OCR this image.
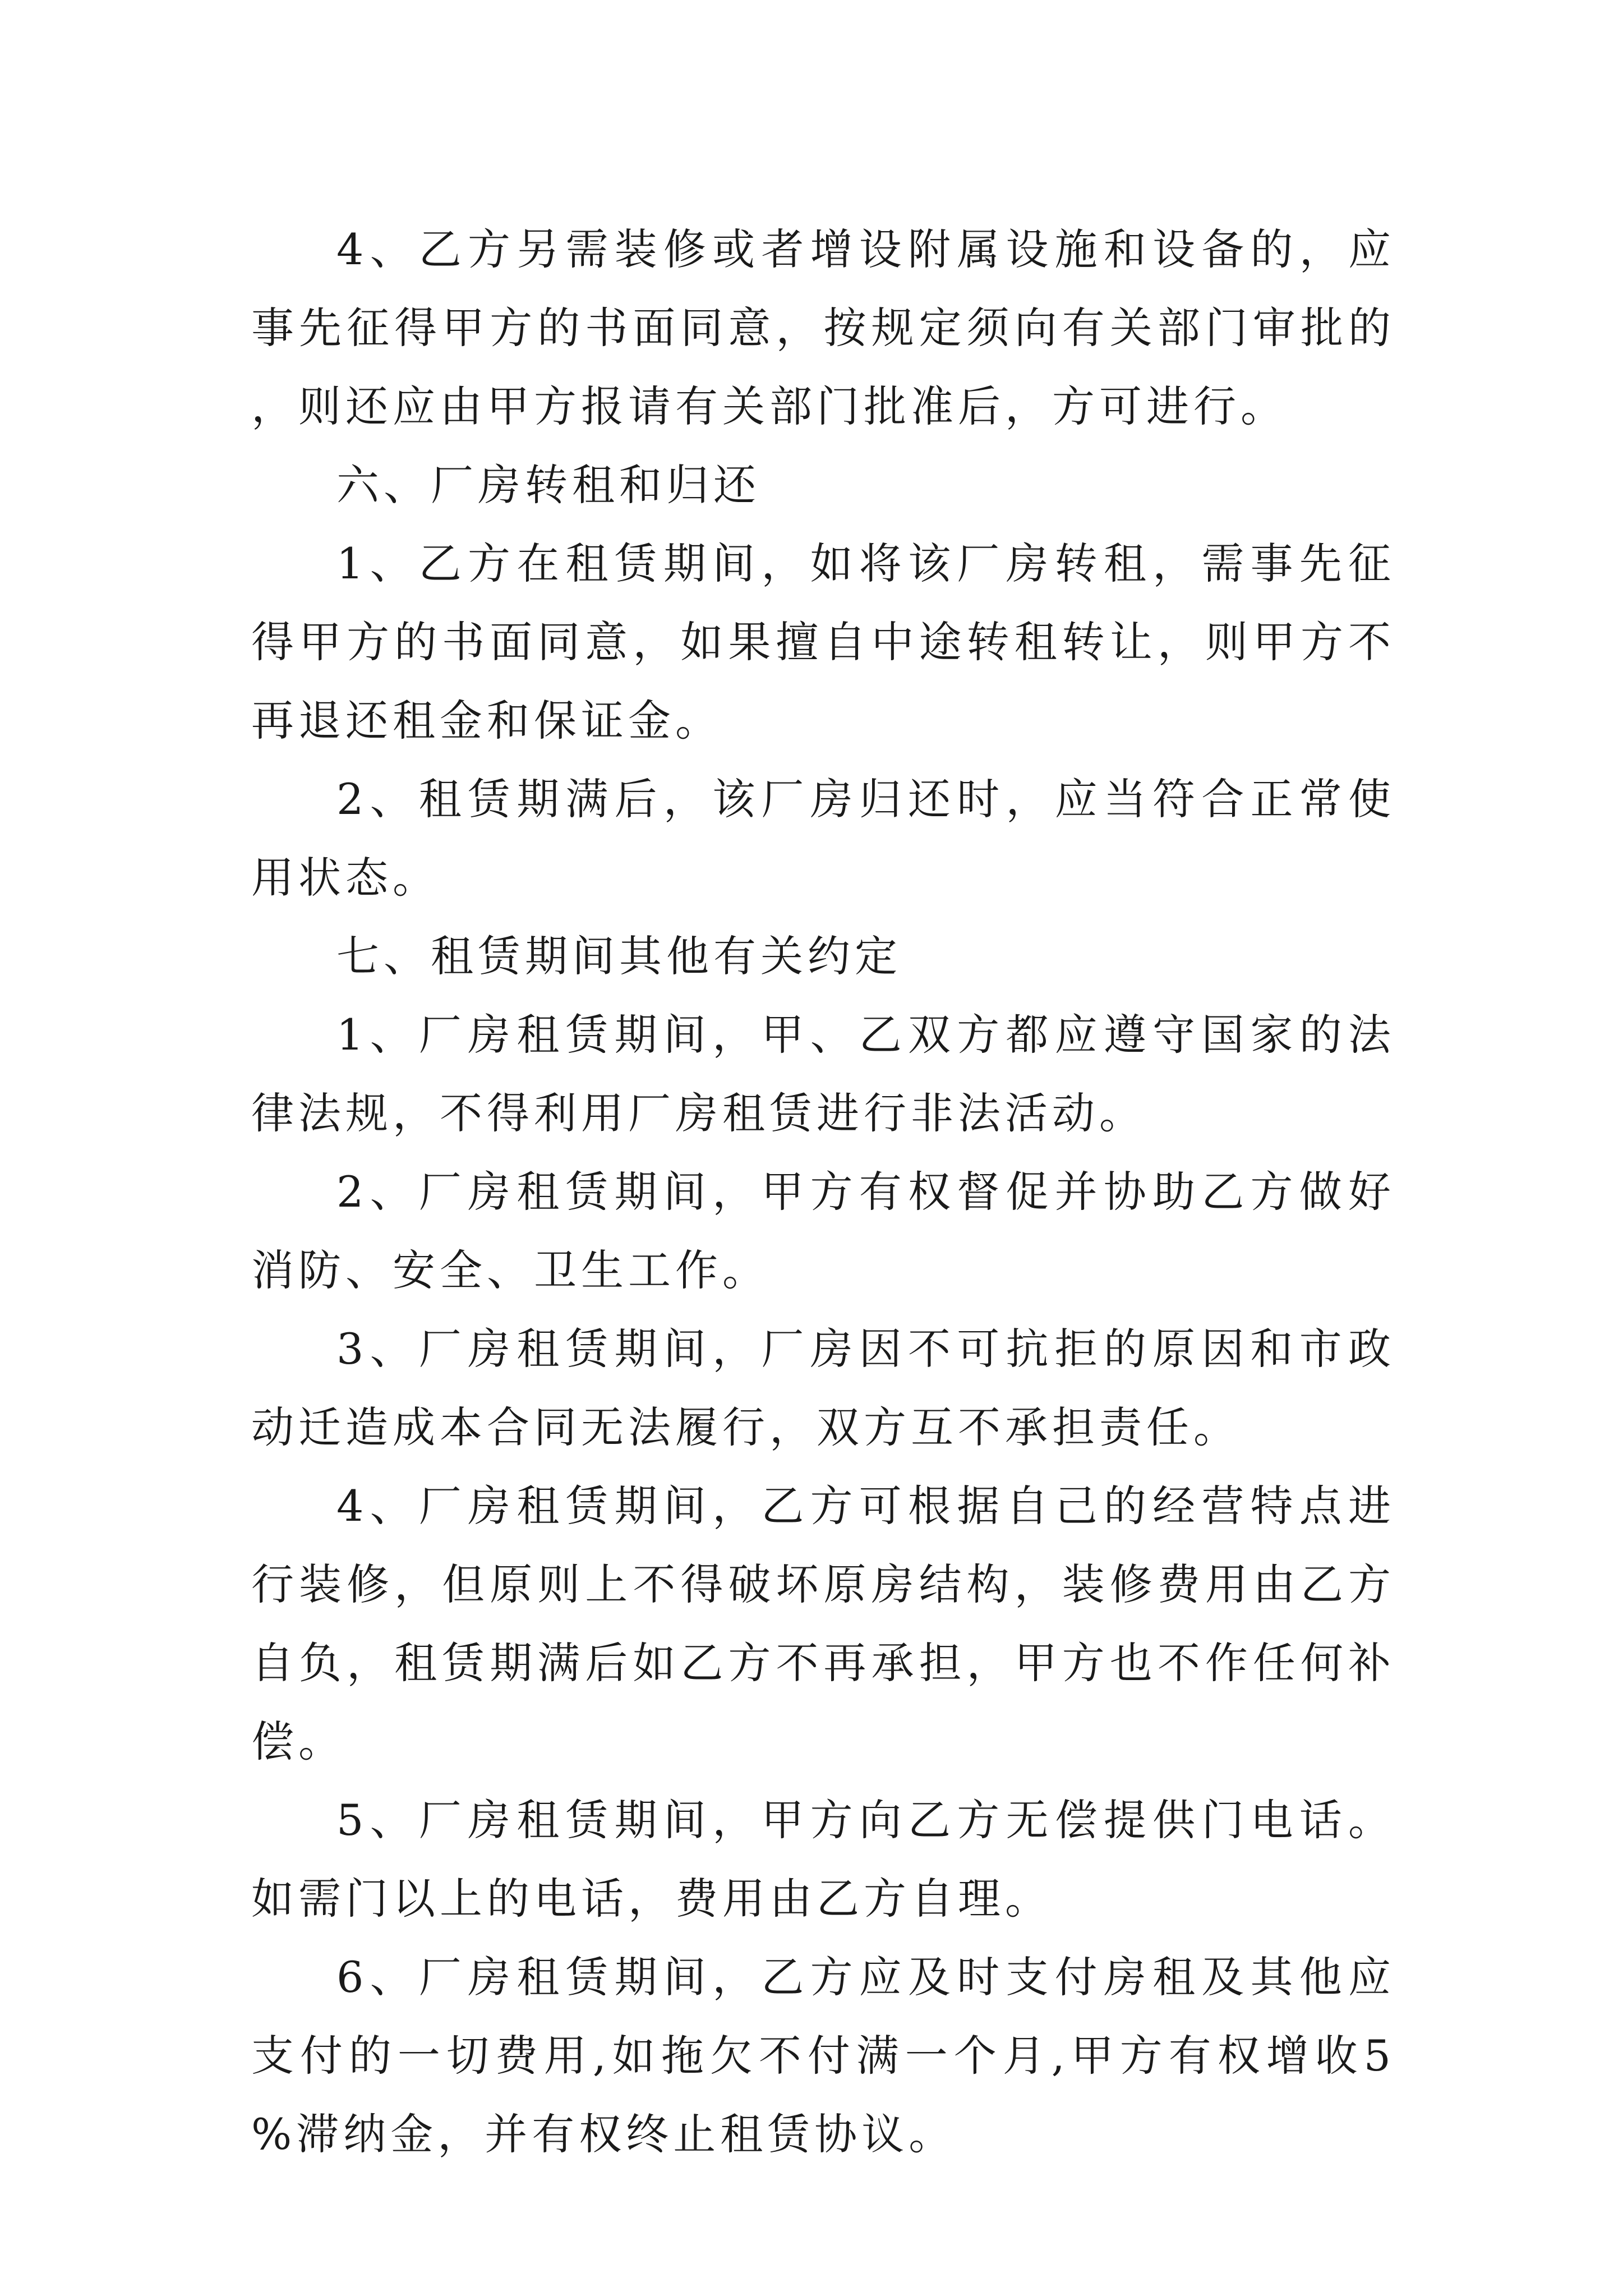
4、乙方另需装修或者增设附属设施和设备的，应事先征得甲方的书面同意，按规定须向有关部门审批的，则还应由甲方报请有关部门批准后，方可进行。

六、厂房转租和归还

1、乙方在租赁期间，如将该厂房转租，需事先征得甲方的书面同意，如果擅自中途转租转让，则甲方不再退还租金和保证金。

2、租赁期满后，该厂房归还时，应当符合正常使用状态。

七、租赁期间其他有关约定

1、厂房租赁期间，甲、乙双方都应遵守国家的法律法规，不得利用厂房租赁进行非法活动。

2、厂房租赁期间，甲方有权督促并协助乙方做好消防、安全、卫生工作。

3、厂房租赁期间，厂房因不可抗拒的原因和市政动迁造成本合同无法履行，双方互不承担责任。

4、厂房租赁期间，乙方可根据自己的经营特点进行装修，但原则上不得破坏原房结构，装修费用由乙方自负，租赁期满后如乙方不再承担，甲方也不作任何补偿。

5、厂房租赁期间，甲方向乙方无偿提供门电话。如需门以上的电话，费用由乙方自理。

6、厂房租赁期间，乙方应及时支付房租及其他应支付的一切费用,如拖欠不付满一个月,甲方有权增收5%滞纳金，并有权终止租赁协议。
